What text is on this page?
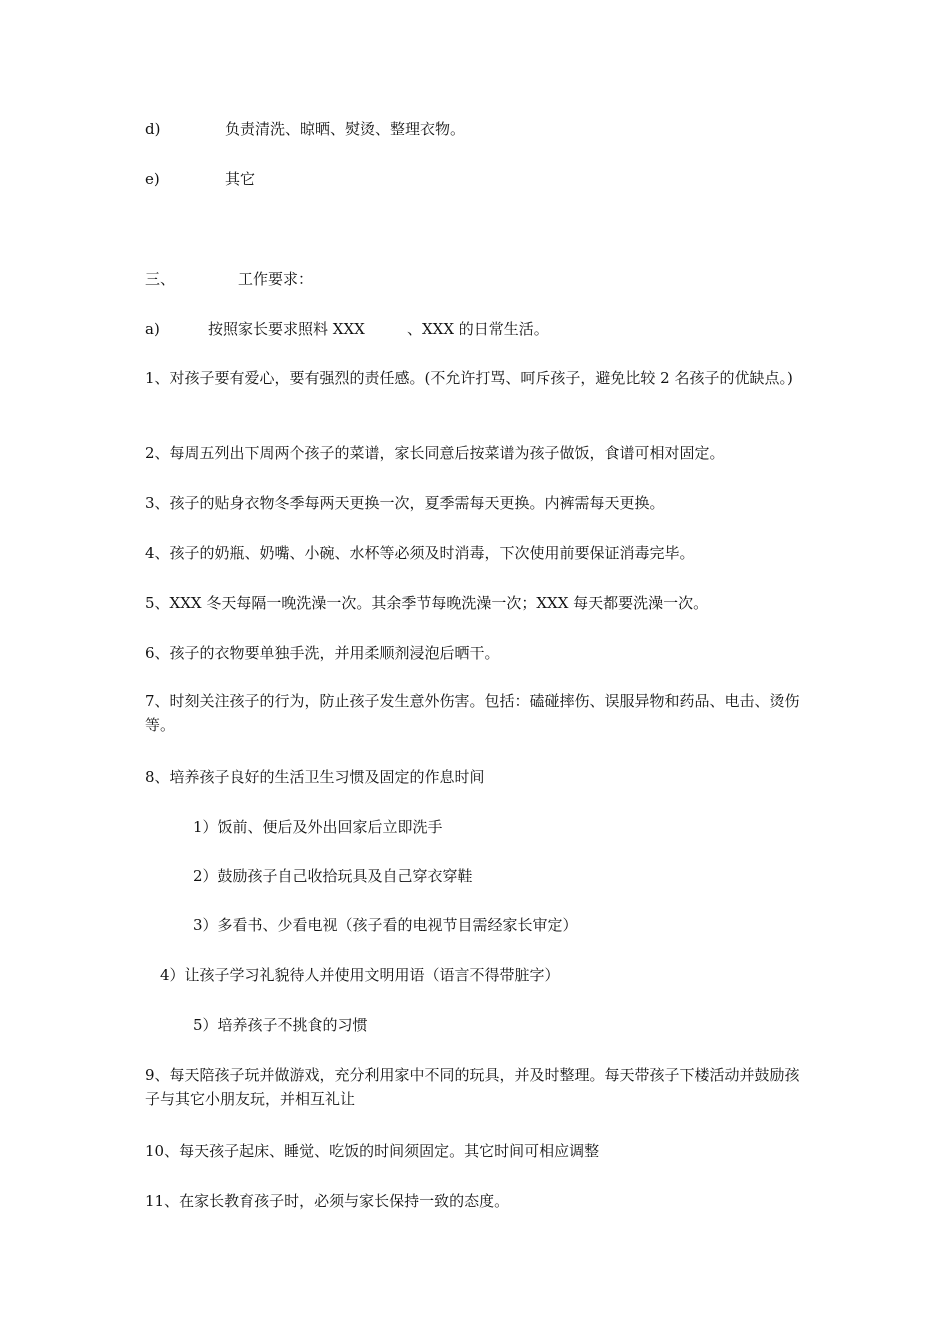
d)	负责清洗、晾晒、熨烫、整理衣物。
e)	其它
三、	工作要求：
a)	按照家长要求照料 XXX	、XXX 的日常生活。
1、对孩子要有爱心，要有强烈的责任感。(不允许打骂、呵斥孩子，避免比较 2 名孩子的优缺点。)
2、每周五列出下周两个孩子的菜谱，家长同意后按菜谱为孩子做饭，食谱可相对固定。
3、孩子的贴身衣物冬季每两天更换一次，夏季需每天更换。内裤需每天更换。
4、孩子的奶瓶、奶嘴、小碗、水杯等必须及时消毒，下次使用前要保证消毒完毕。
5、XXX 冬天每隔一晚洗澡一次。其余季节每晚洗澡一次；XXX 每天都要洗澡一次。
6、孩子的衣物要单独手洗，并用柔顺剂浸泡后晒干。
7、时刻关注孩子的行为，防止孩子发生意外伤害。包括：磕碰摔伤、误服异物和药品、电击、烫伤等。
8、培养孩子良好的生活卫生习惯及固定的作息时间
1）饭前、便后及外出回家后立即洗手
2）鼓励孩子自己收拾玩具及自己穿衣穿鞋
3）多看书、少看电视（孩子看的电视节目需经家长审定）
4）让孩子学习礼貌待人并使用文明用语（语言不得带脏字）
5）培养孩子不挑食的习惯
9、每天陪孩子玩并做游戏，充分利用家中不同的玩具，并及时整理。每天带孩子下楼活动并鼓励孩子与其它小朋友玩，并相互礼让
10、每天孩子起床、睡觉、吃饭的时间须固定。其它时间可相应调整
11、在家长教育孩子时，必须与家长保持一致的态度。
